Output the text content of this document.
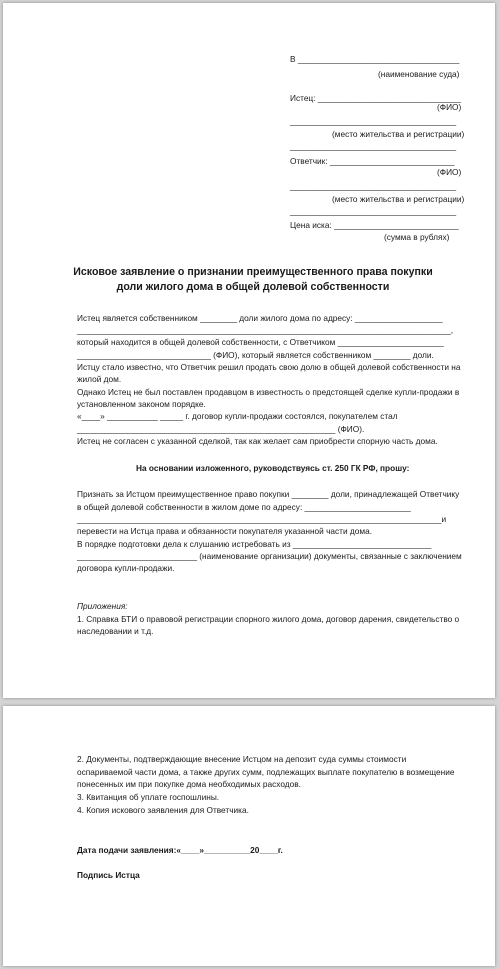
В ___________________________________
(наименование суда)
Истец: _______________________________
(ФИО)
____________________________________
(место жительства и регистрации)
____________________________________
Ответчик: ___________________________
(ФИО)
____________________________________
(место жительства и регистрации)
____________________________________
Цена иска: ___________________________
(сумма в рублях)
Исковое заявление о признании преимущественного права покупки доли жилого дома в общей долевой собственности
Истец является собственником ________ доли жилого дома по адресу: ___________________
_________________________________________________________________________________,
который находится в общей долевой собственности, с Ответчиком _______________________
_____________________________ (ФИО), который является собственником ________ доли.
Истцу стало известно, что Ответчик решил продать свою долю в общей долевой собственности на
жилой дом.
Однако Истец не был поставлен продавцом в известность о предстоящей сделке купли-продажи в
установленном законом порядке.
«____» ___________ _____ г. договор купли-продажи состоялся, покупателем стал
________________________________________________________ (ФИО).
Истец не согласен с указанной сделкой, так как желает сам приобрести спорную часть дома.
На основании изложенного, руководствуясь ст. 250 ГК РФ, прошу:
Признать за Истцом преимущественное право покупки ________ доли, принадлежащей Ответчику
в общей долевой собственности в жилом доме по адресу: _______________________
_______________________________________________________________________________и
перевести на Истца права и обязанности покупателя указанной части дома.
В порядке подготовки дела к слушанию истребовать из ______________________________
__________________________ (наименование организации) документы, связанные с заключением
договора купли-продажи.
Приложения:
1. Справка БТИ о правовой регистрации спорного жилого дома, договор дарения, свидетельство о
наследовании и т.д.
2. Документы, подтверждающие внесение Истцом на депозит суда суммы стоимости
оспариваемой части дома, а также других сумм, подлежащих выплате покупателю в возмещение
понесенных им при покупке дома необходимых расходов.
3. Квитанция об уплате госпошлины.
4. Копия искового заявления для Ответчика.
Дата подачи заявления:«____»__________20____г.
Подпись Истца
